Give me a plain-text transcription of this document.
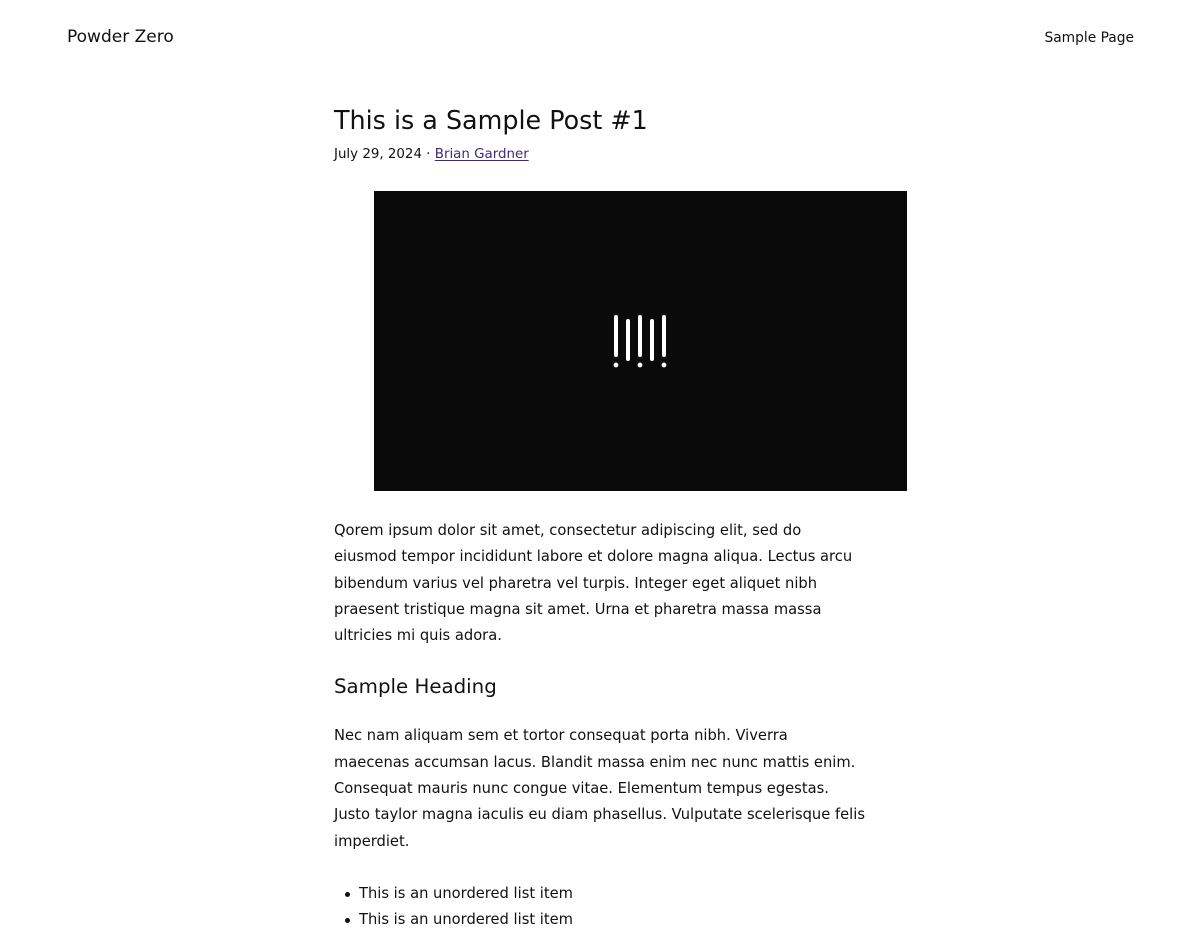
Powder Zero	Sample Page
This is a Sample Post #1
July 29, 2024 · Brian Gardner

Qorem ipsum dolor sit amet, consectetur adipiscing elit, sed do eiusmod tempor incididunt labore et dolore magna aliqua. Lectus arcu bibendum varius vel pharetra vel turpis. Integer eget aliquet nibh praesent tristique magna sit amet. Urna et pharetra massa massa ultricies mi quis adora.

Sample Heading

Nec nam aliquam sem et tortor consequat porta nibh. Viverra maecenas accumsan lacus. Blandit massa enim nec nunc mattis enim. Consequat mauris nunc congue vitae. Elementum tempus egestas. Justo taylor magna iaculis eu diam phasellus. Vulputate scelerisque felis imperdiet.

This is an unordered list item
This is an unordered list item
